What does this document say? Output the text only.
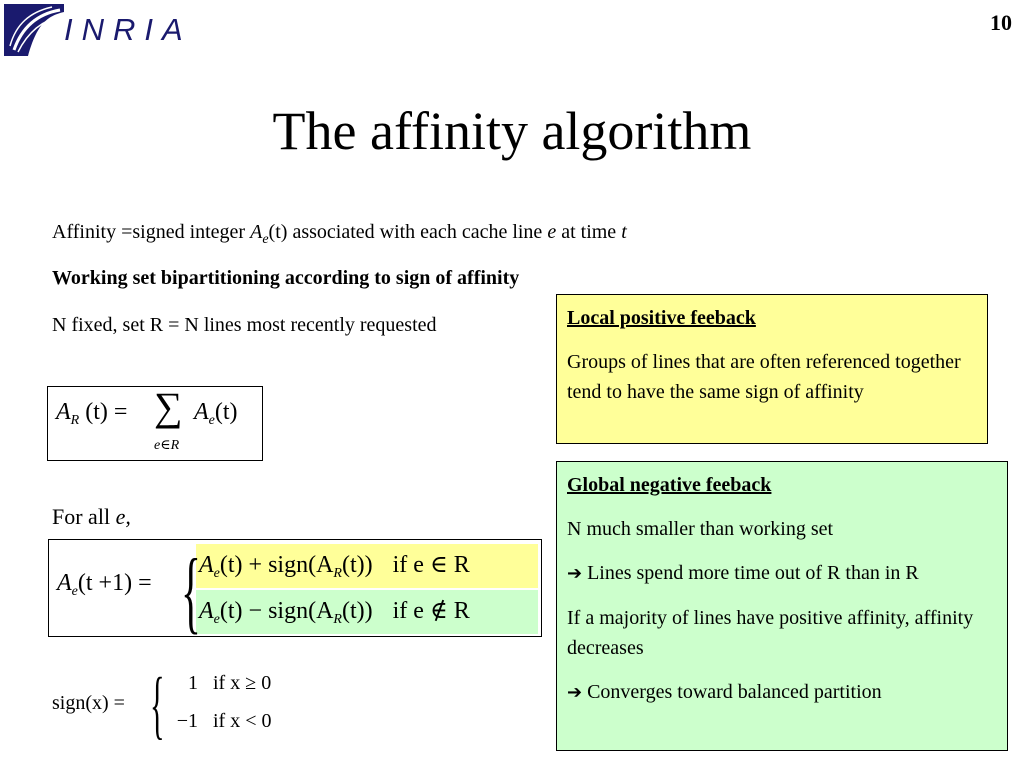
INRIA	10
The affinity algorithm
Affinity =signed integer $A_e(t)$ associated with each cache line e at time t
Working set bipartitioning according to sign of affinity
N fixed, set R = N lines most recently requested
$A_R$ (t) = ∑
e∈R
$A_e(t)$
For all e,
$A_e(t +1)$ = {
$A_e(t)$ + $sign(A_R(t))$ if e ∈ R
$A_e(t)$ − $sign(A_R(t))$ if e ∉ R
sign(x) = {	1 if x ≥ 0
−1 if x < 0
Local positive feeback

Groups of lines that are often referenced together tend to have the same sign of affinity

Global negative feeback

N much smaller than working set

➔ Lines spend more time out of R than in R

If a majority of lines have positive affinity, affinity decreases

➔ Converges toward balanced partition
